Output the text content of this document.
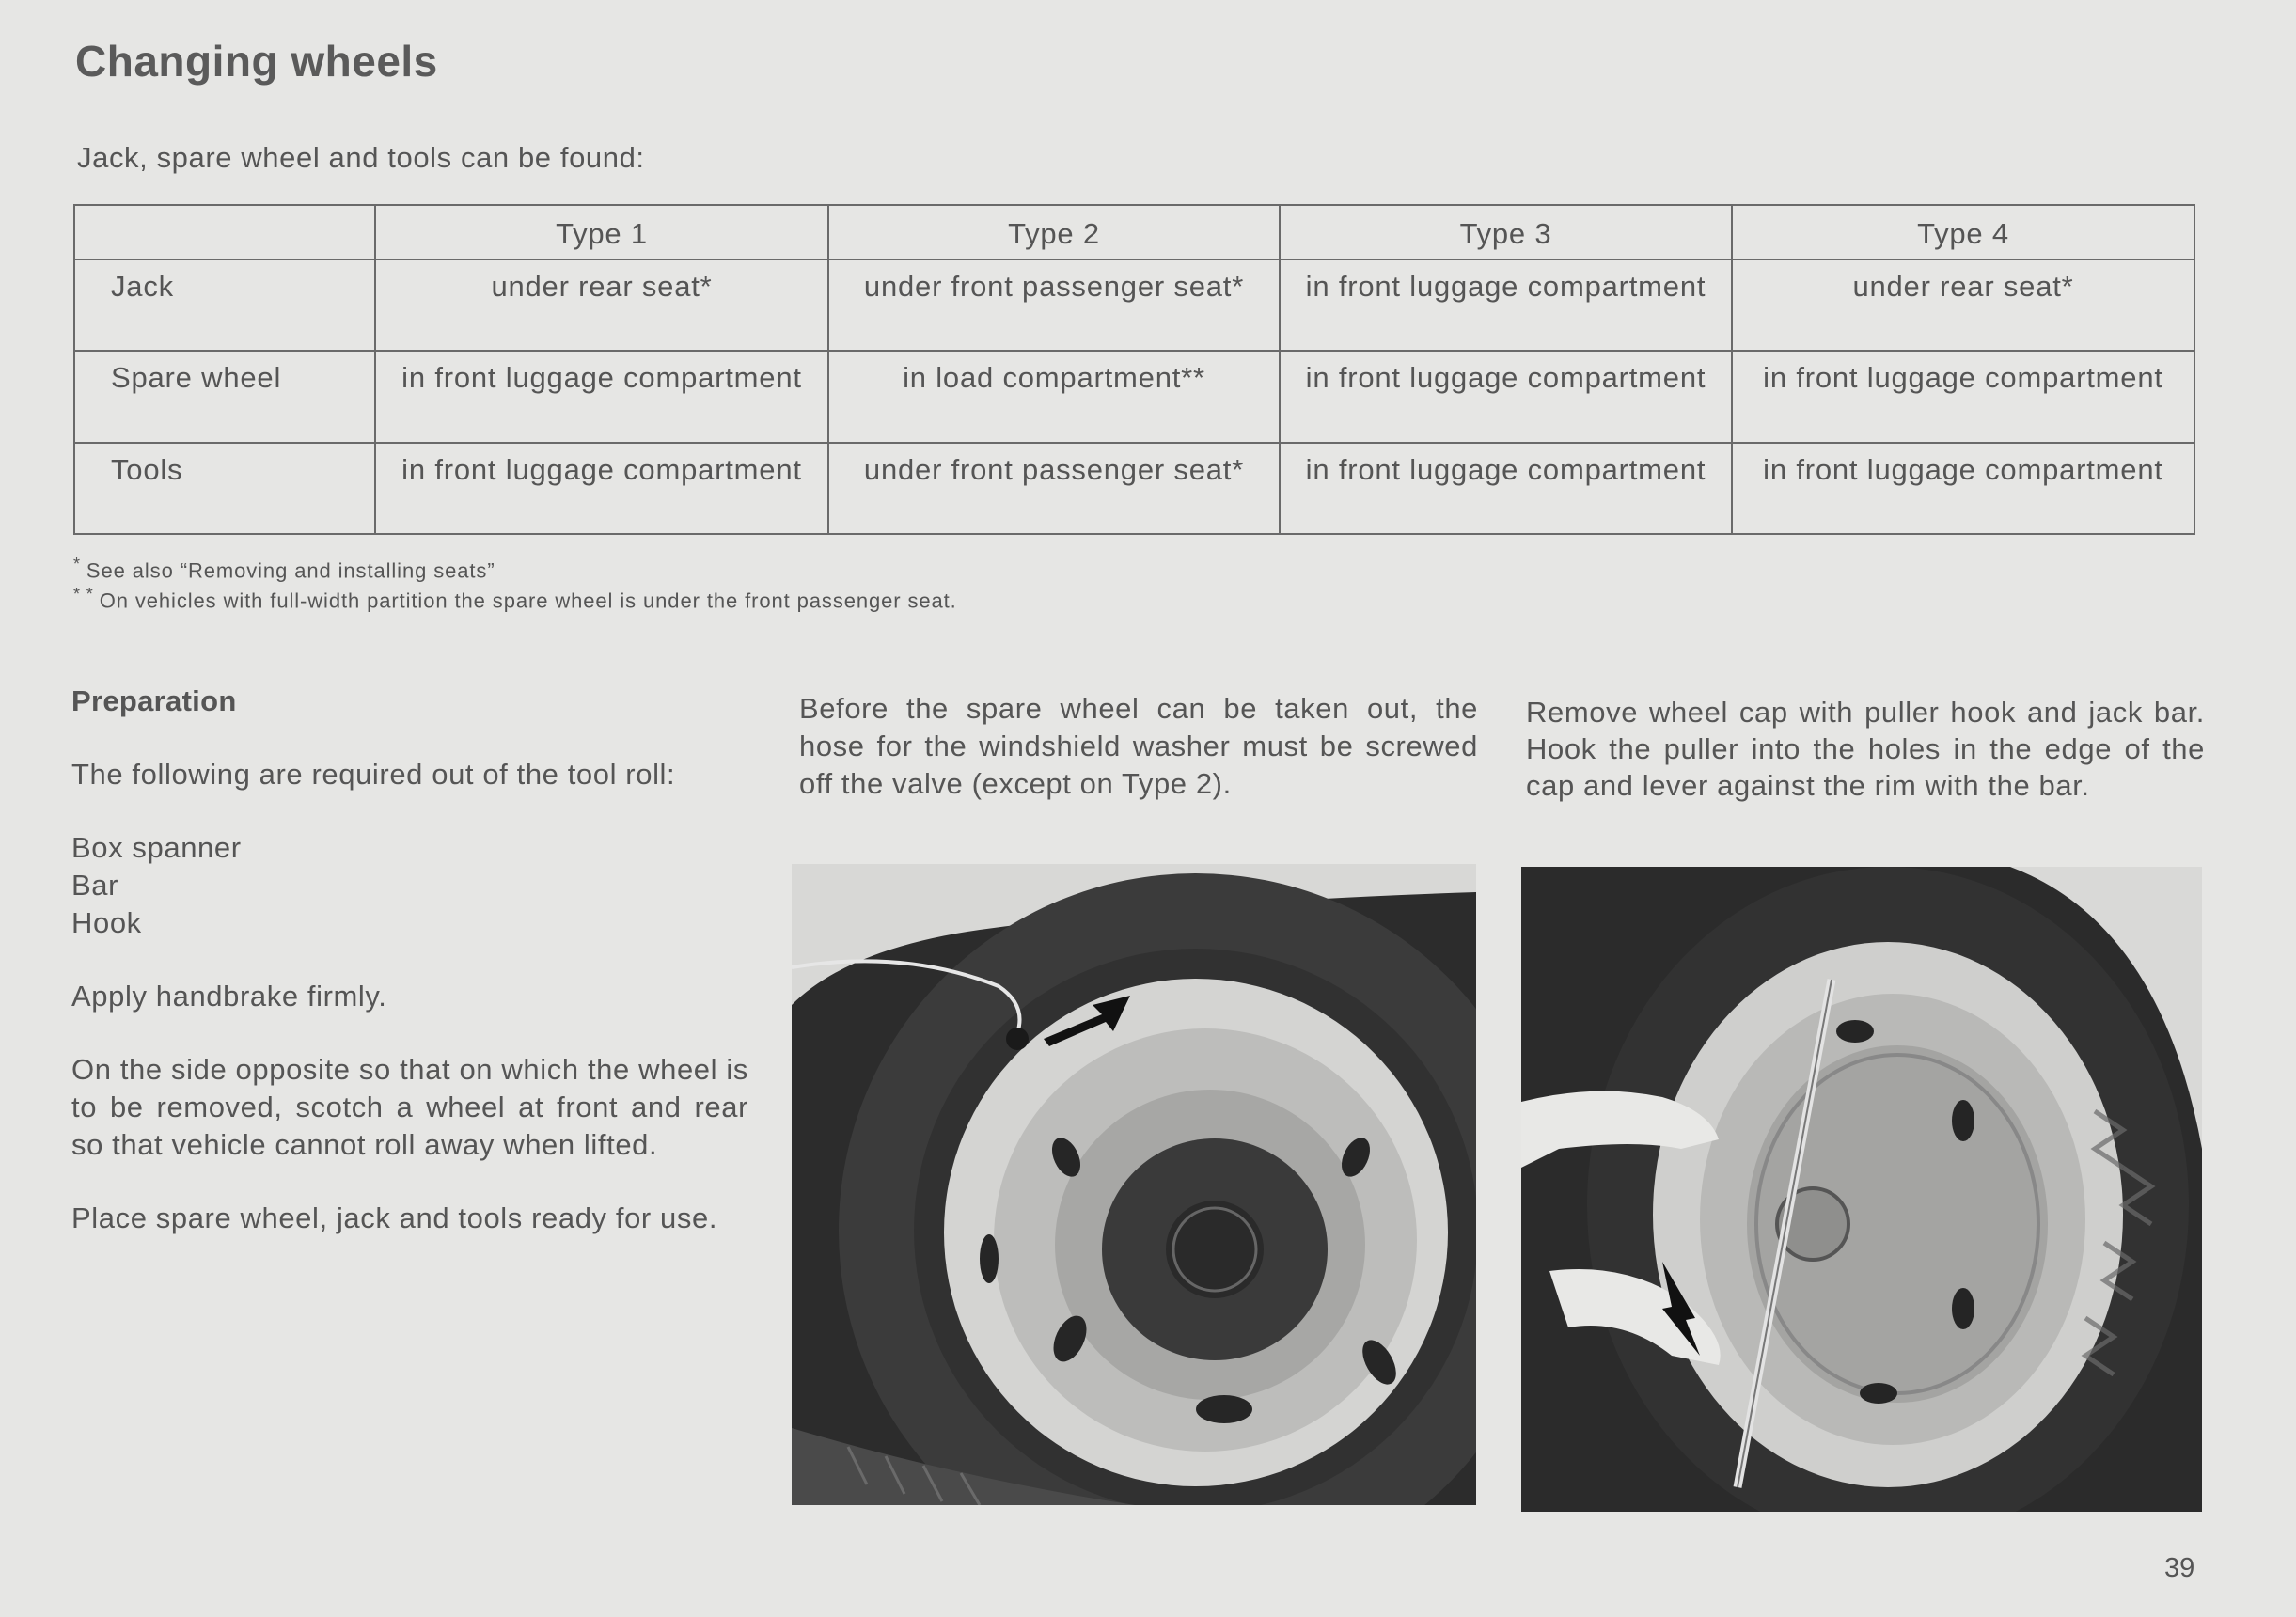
Changing wheels
Jack, spare wheel and tools can be found:
	Type 1	Type 2	Type 3	Type 4
Jack	under rear seat*	under front passenger seat*	in front luggage compartment	under rear seat*
Spare wheel	in front luggage compartment	in load compartment**	in front luggage compartment	in front luggage compartment
Tools	in front luggage compartment	under front passenger seat*	in front luggage compartment	in front luggage compartment
* See also “Removing and installing seats”
* * On vehicles with full-width partition the spare wheel is under the front passenger seat.
Preparation

The following are required out of the tool roll:

Box spanner
Bar
Hook

Apply handbrake firmly.

On the side opposite so that on which the wheel is to be removed, scotch a wheel at front and rear so that vehicle cannot roll away when lifted.

Place spare wheel, jack and tools ready for use.

Before the spare wheel can be taken out, the hose for the windshield washer must be screwed off the valve (except on Type 2).
Remove wheel cap with puller hook and jack bar. Hook the puller into the holes in the edge of the cap and lever against the rim with the bar.
39
